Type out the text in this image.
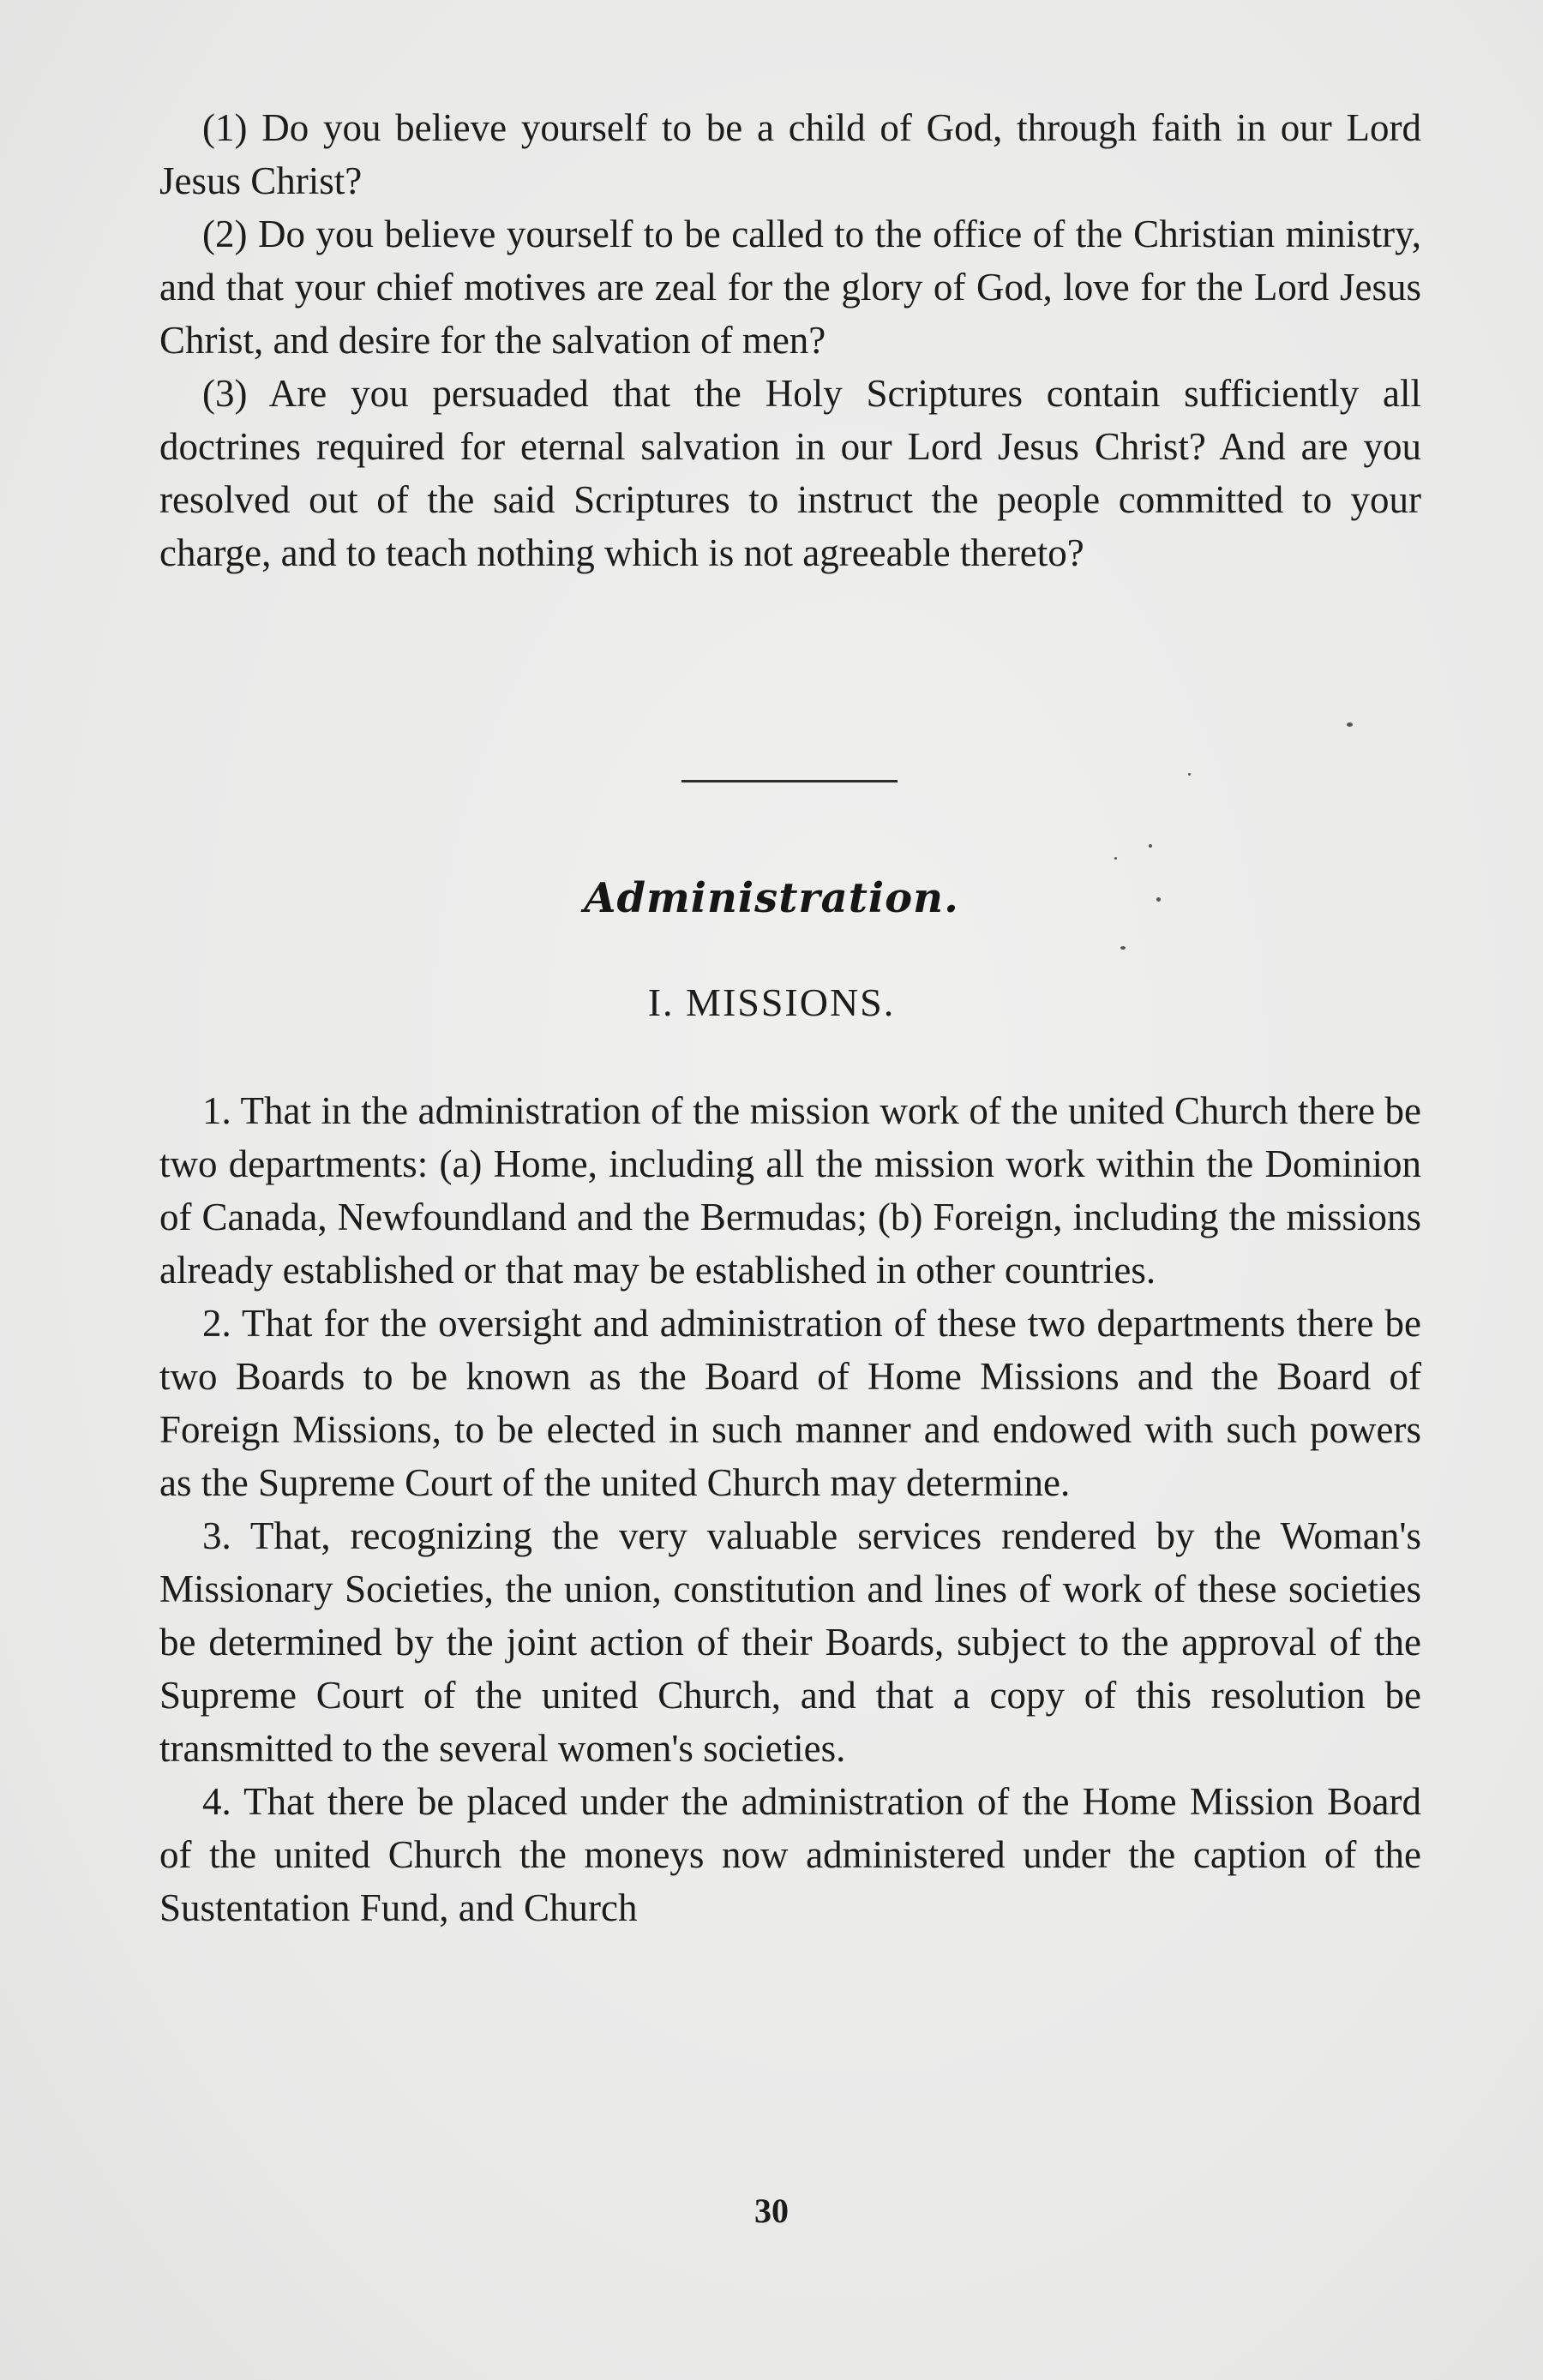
(1) Do you believe yourself to be a child of God, through faith in our Lord Jesus Christ?

(2) Do you believe yourself to be called to the office of the Christian ministry, and that your chief motives are zeal for the glory of God, love for the Lord Jesus Christ, and desire for the salvation of men?

(3) Are you persuaded that the Holy Scriptures contain sufficiently all doctrines required for eternal salvation in our Lord Jesus Christ? And are you resolved out of the said Scriptures to instruct the people committed to your charge, and to teach nothing which is not agreeable thereto?

Administration.
I. MISSIONS.

1. That in the administration of the mission work of the united Church there be two departments: (a) Home, including all the mission work within the Dominion of Canada, Newfoundland and the Bermudas; (b) Foreign, including the missions already established or that may be established in other countries.

2. That for the oversight and administration of these two departments there be two Boards to be known as the Board of Home Missions and the Board of Foreign Missions, to be elected in such manner and endowed with such powers as the Supreme Court of the united Church may determine.

3. That, recognizing the very valuable services rendered by the Woman's Missionary Societies, the union, constitution and lines of work of these societies be determined by the joint action of their Boards, subject to the approval of the Supreme Court of the united Church, and that a copy of this resolution be transmitted to the several women's societies.

4. That there be placed under the administration of the Home Mission Board of the united Church the moneys now administered under the caption of the Sustentation Fund, and Church

30
